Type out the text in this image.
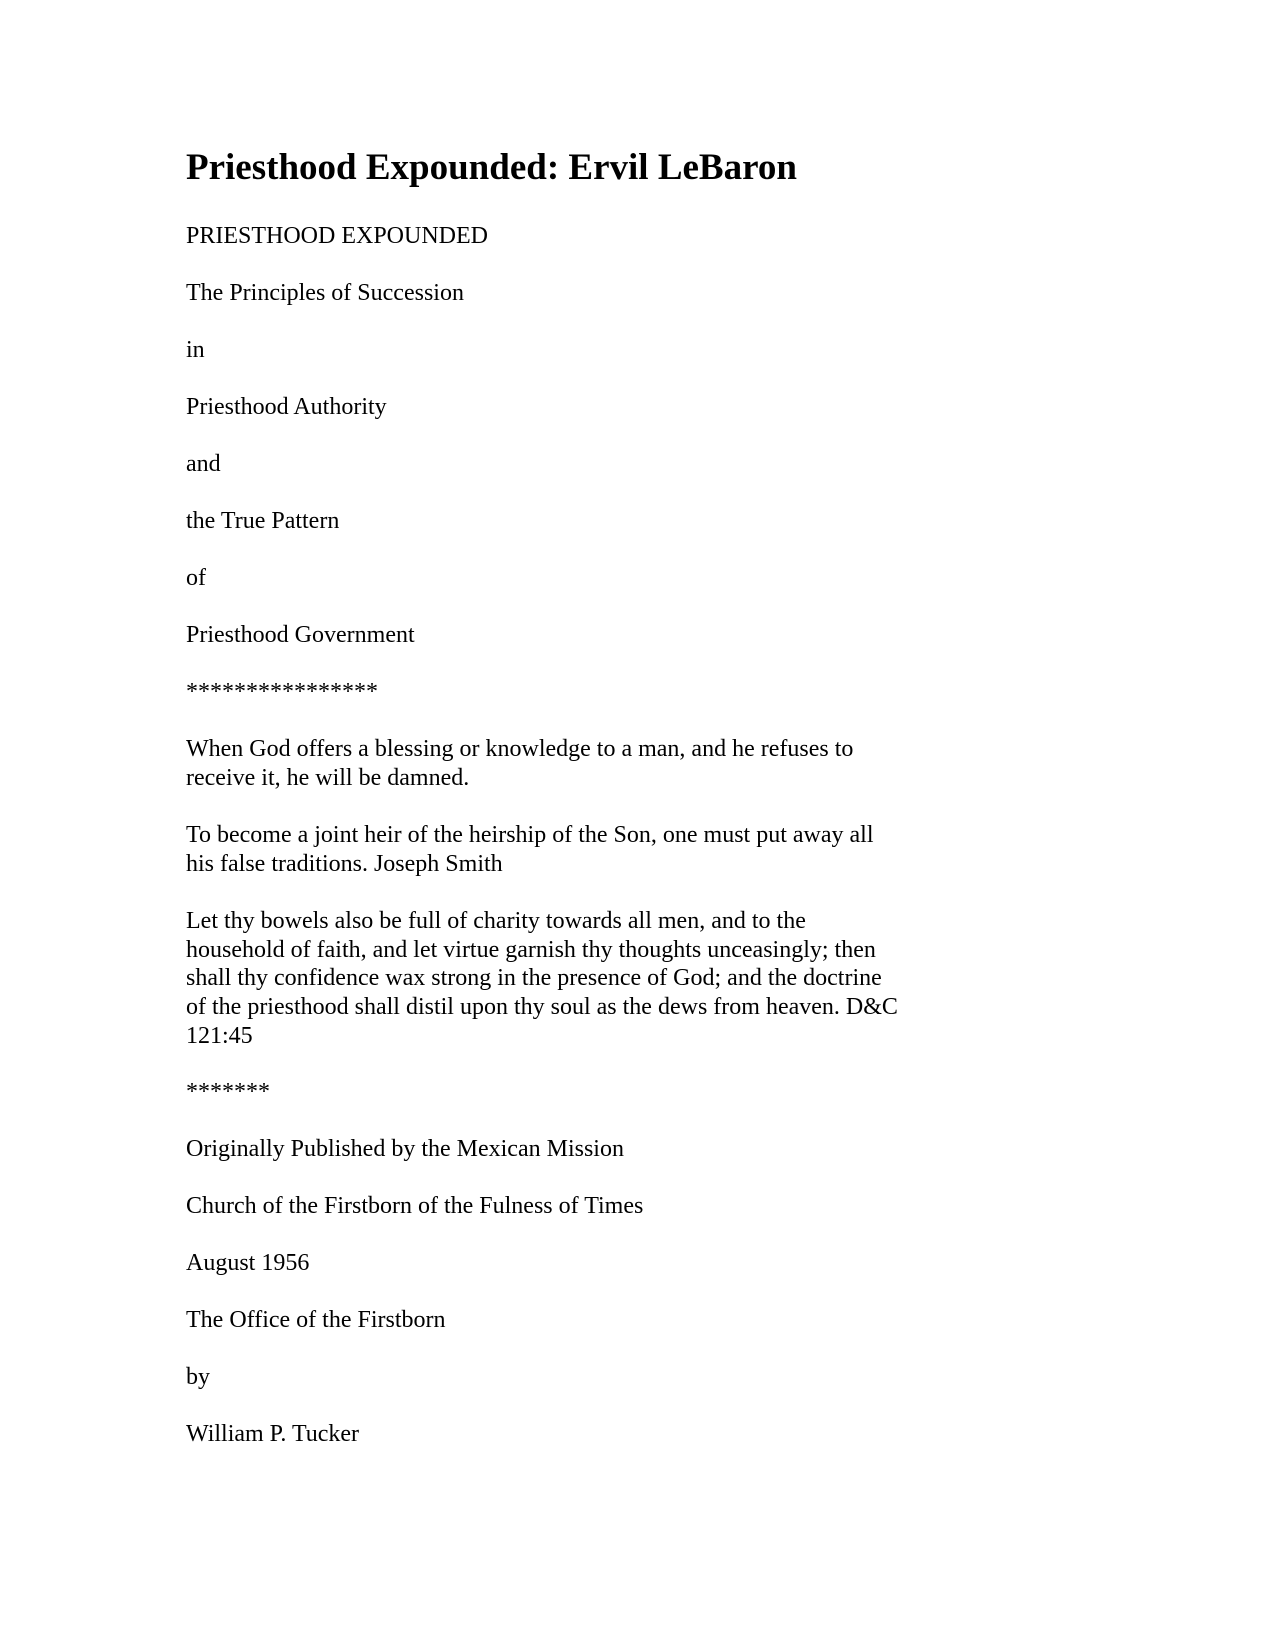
Priesthood Expounded: Ervil LeBaron

PRIESTHOOD EXPOUNDED

The Principles of Succession

in

Priesthood Authority

and

the True Pattern

of

Priesthood Government

****************

When God offers a blessing or knowledge to a man, and he refuses to receive it, he will be damned.

To become a joint heir of the heirship of the Son, one must put away all his false traditions. Joseph Smith

Let thy bowels also be full of charity towards all men, and to the household of faith, and let virtue garnish thy thoughts unceasingly; then shall thy confidence wax strong in the presence of God; and the doctrine of the priesthood shall distil upon thy soul as the dews from heaven. D&C 121:45

*******

Originally Published by the Mexican Mission

Church of the Firstborn of the Fulness of Times

August 1956

The Office of the Firstborn

by

William P. Tucker
